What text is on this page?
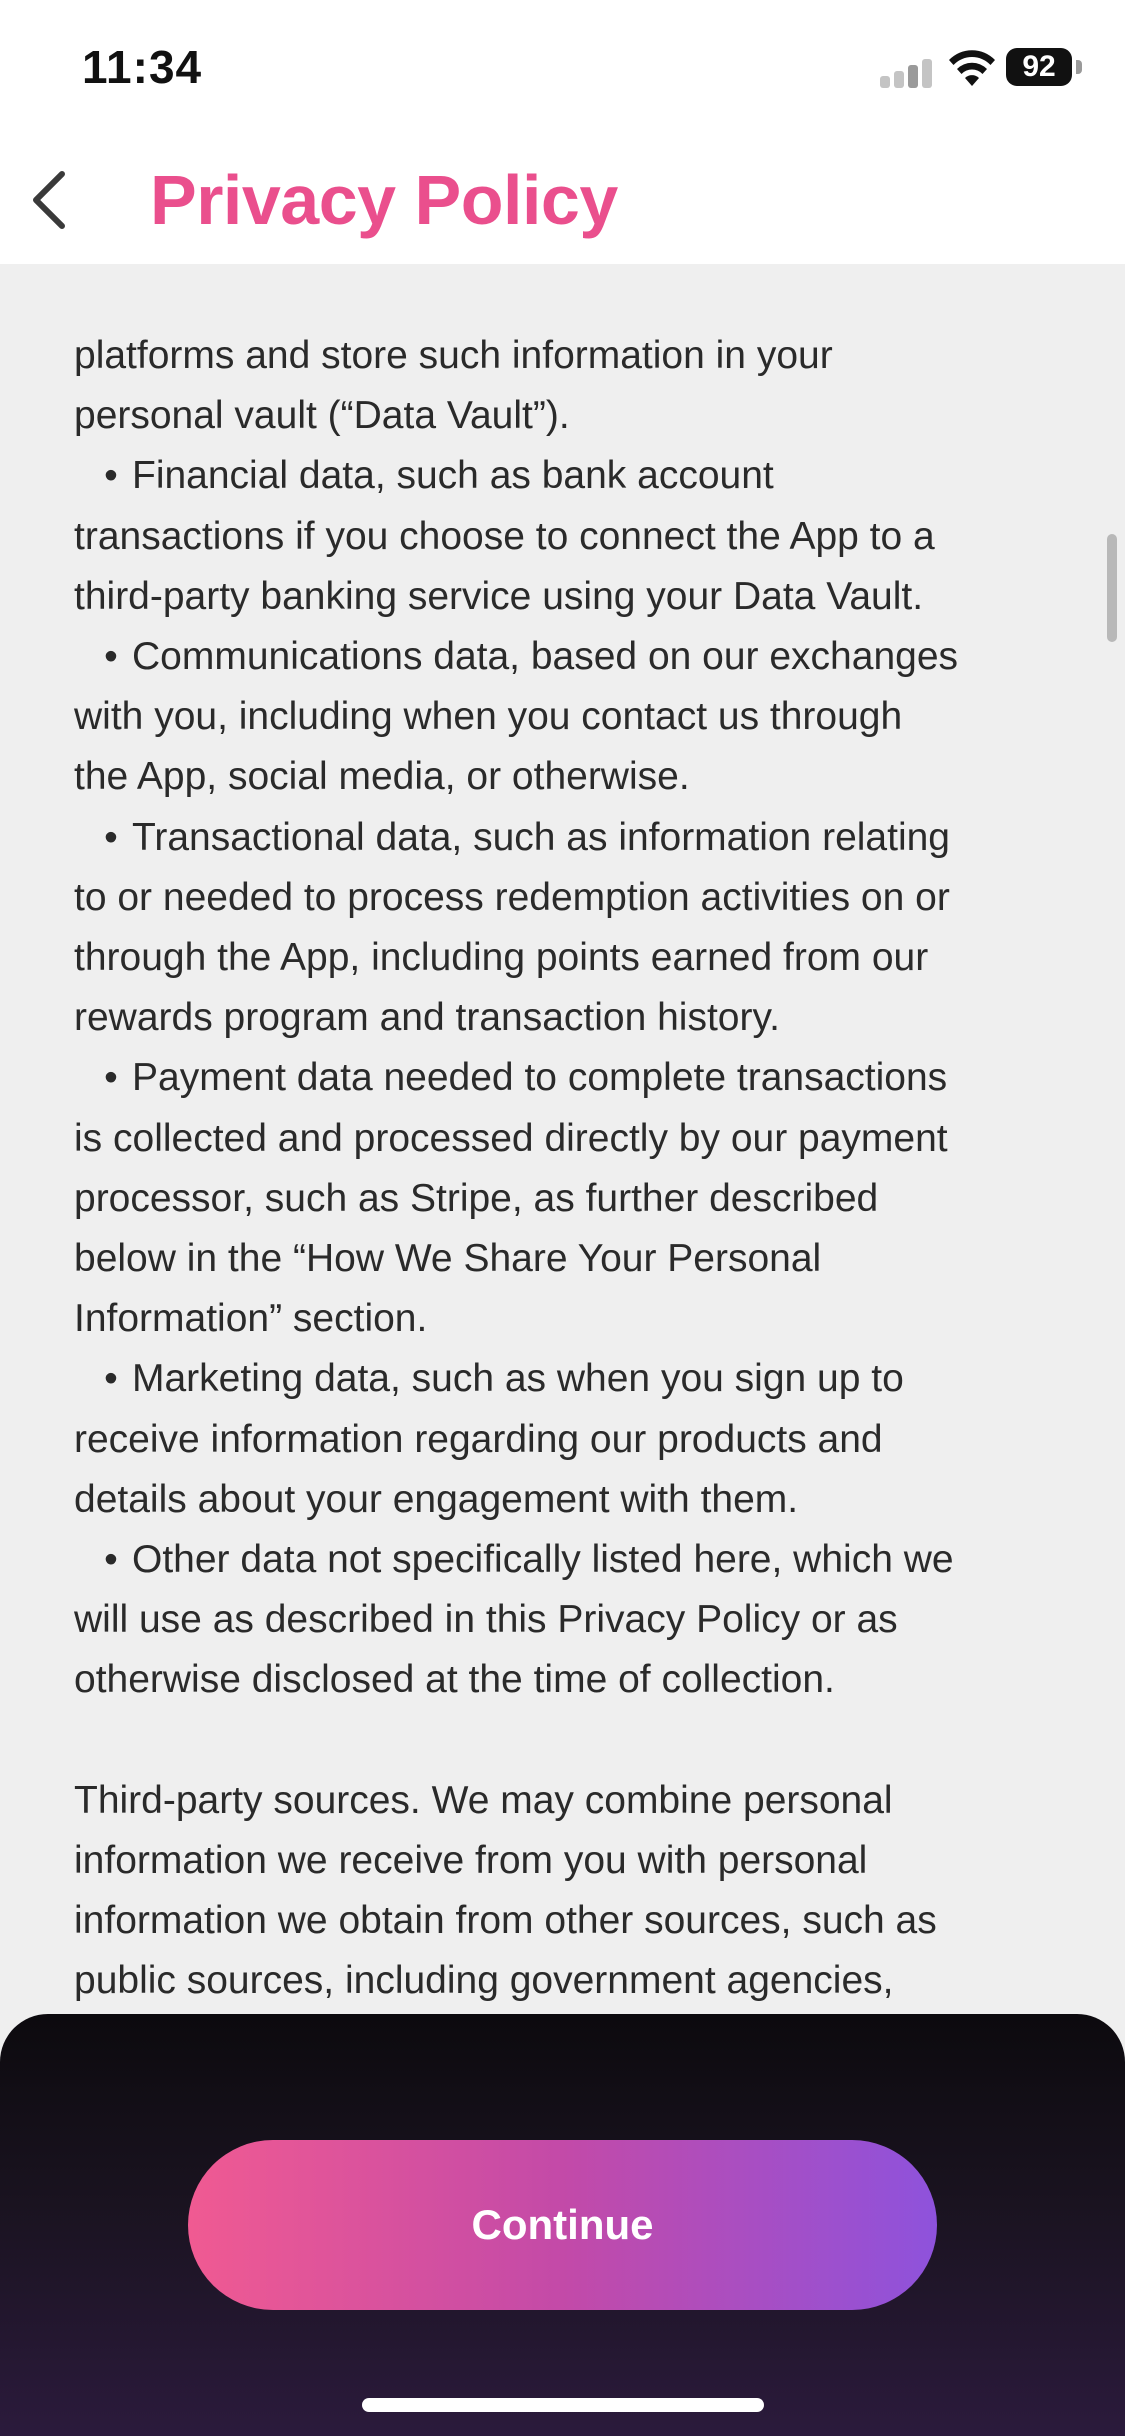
11:34	92
Privacy Policy
platforms and store such information in your
personal vault (“Data Vault”).
• Financial data, such as bank account
transactions if you choose to connect the App to a
third-party banking service using your Data Vault.
• Communications data, based on our exchanges
with you, including when you contact us through
the App, social media, or otherwise.
• Transactional data, such as information relating
to or needed to process redemption activities on or
through the App, including points earned from our
rewards program and transaction history.
• Payment data needed to complete transactions
is collected and processed directly by our payment
processor, such as Stripe, as further described
below in the “How We Share Your Personal
Information” section.
• Marketing data, such as when you sign up to
receive information regarding our products and
details about your engagement with them.
• Other data not specifically listed here, which we
will use as described in this Privacy Policy or as
otherwise disclosed at the time of collection.
Third-party sources. We may combine personal
information we receive from you with personal
information we obtain from other sources, such as
public sources, including government agencies,
Continue
